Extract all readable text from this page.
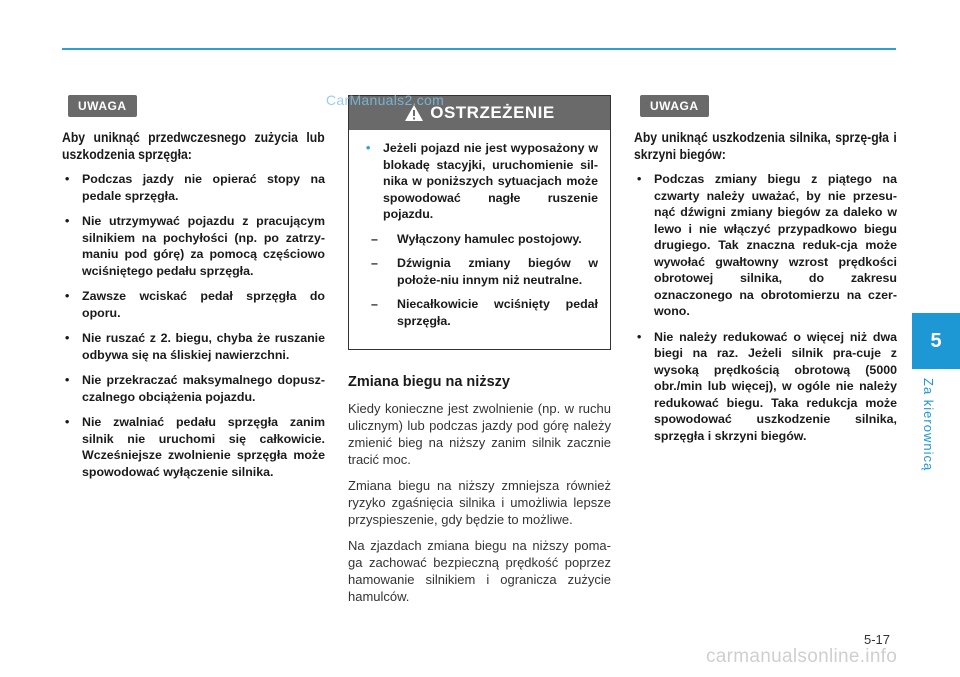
UWAGA
Aby uniknąć przedwczesnego zużycia lub uszkodzenia sprzęgła:
• Podczas jazdy nie opierać stopy na pedale sprzęgła.
• Nie utrzymywać pojazdu z pracującym silnikiem na pochyłości (np. po zatrzy-maniu pod górę) za pomocą częściowo wciśniętego pedału sprzęgła.
• Zawsze wciskać pedał sprzęgła do oporu.
• Nie ruszać z 2. biegu, chyba że ruszanie odbywa się na śliskiej nawierzchni.
• Nie przekraczać maksymalnego dopusz-czalnego obciążenia pojazdu.
• Nie zwalniać pedału sprzęgła zanim silnik nie uruchomi się całkowicie. Wcześniejsze zwolnienie sprzęgła może spowodować wyłączenie silnika.
OSTRZEŻENIE
• Jeżeli pojazd nie jest wyposażony w blokadę stacyjki, uruchomienie sil-nika w poniższych sytuacjach może spowodować nagłe ruszenie pojazdu.
– Wyłączony hamulec postojowy.
– Dźwignia zmiany biegów w położe-niu innym niż neutralne.
– Niecałkowicie wciśnięty pedał sprzęgła.
Zmiana biegu na niższy

Kiedy konieczne jest zwolnienie (np. w ruchu ulicznym) lub podczas jazdy pod górę należy zmienić bieg na niższy zanim silnik zacznie tracić moc.

Zmiana biegu na niższy zmniejsza również ryzyko zgaśnięcia silnika i umożliwia lepsze przyspieszenie, gdy będzie to możliwe.

Na zjazdach zmiana biegu na niższy poma-ga zachować bezpieczną prędkość poprzez hamowanie silnikiem i ogranicza zużycie hamulców.

UWAGA
Aby uniknąć uszkodzenia silnika, sprzę-gła i skrzyni biegów:
• Podczas zmiany biegu z piątego na czwarty należy uważać, by nie przesu-nąć dźwigni zmiany biegów za daleko w lewo i nie włączyć przypadkowo biegu drugiego. Tak znaczna reduk-cja może wywołać gwałtowny wzrost prędkości obrotowej silnika, do zakresu oznaczonego na obrotomierzu na czer-wono.
• Nie należy redukować o więcej niż dwa biegi na raz. Jeżeli silnik pra-cuje z wysoką prędkością obrotową (5000 obr./min lub więcej), w ogóle nie należy redukować biegu. Taka redukcja może spowodować uszkodzenie silnika, sprzęgła i skrzyni biegów.
5
Za kierownicą
5-17
CarManuals2.com
carmanualsonline.info
